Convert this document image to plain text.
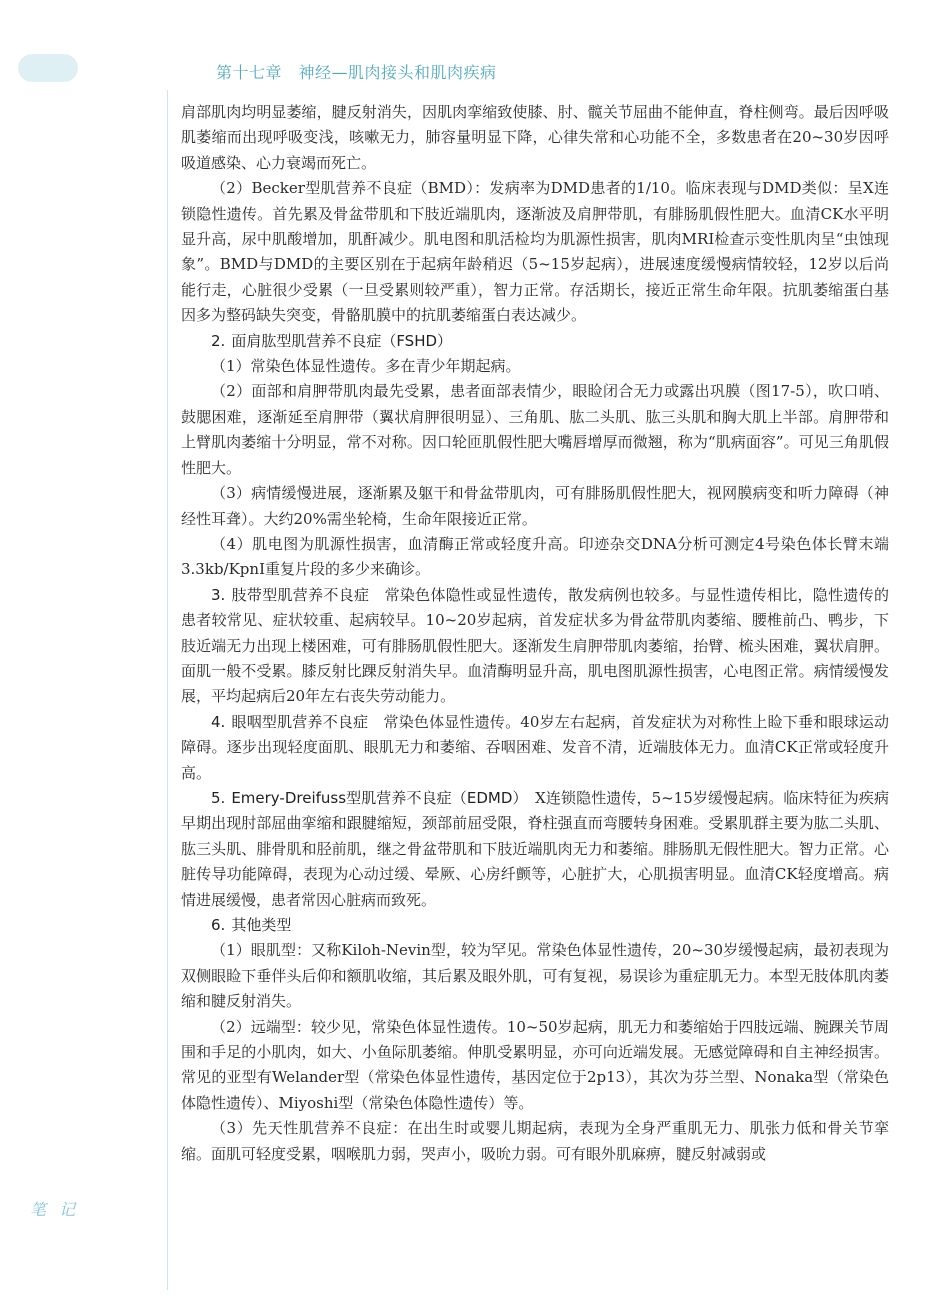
第十七章　神经—肌肉接头和肌肉疾病
笔 记

肩部肌肉均明显萎缩，腱反射消失，因肌肉挛缩致使膝、肘、髋关节屈曲不能伸直，脊柱侧弯。最后因呼吸肌萎缩而出现呼吸变浅，咳嗽无力，肺容量明显下降，心律失常和心功能不全，多数患者在20~30岁因呼吸道感染、心力衰竭而死亡。

（2）Becker型肌营养不良症（BMD）：发病率为DMD患者的1/10。临床表现与DMD类似：呈X连锁隐性遗传。首先累及骨盆带肌和下肢近端肌肉，逐渐波及肩胛带肌，有腓肠肌假性肥大。血清CK水平明显升高，尿中肌酸增加，肌酐减少。肌电图和肌活检均为肌源性损害，肌肉MRI检查示变性肌肉呈“虫蚀现象”。BMD与DMD的主要区别在于起病年龄稍迟（5~15岁起病），进展速度缓慢病情较轻，12岁以后尚能行走，心脏很少受累（一旦受累则较严重），智力正常。存活期长，接近正常生命年限。抗肌萎缩蛋白基因多为整码缺失突变，骨骼肌膜中的抗肌萎缩蛋白表达减少。

2. 面肩肱型肌营养不良症（FSHD）

（1）常染色体显性遗传。多在青少年期起病。

（2）面部和肩胛带肌肉最先受累，患者面部表情少，眼睑闭合无力或露出巩膜（图17-5），吹口哨、鼓腮困难，逐渐延至肩胛带（翼状肩胛很明显）、三角肌、肱二头肌、肱三头肌和胸大肌上半部。肩胛带和上臂肌肉萎缩十分明显，常不对称。因口轮匝肌假性肥大嘴唇增厚而微翘，称为“肌病面容”。可见三角肌假性肥大。

（3）病情缓慢进展，逐渐累及躯干和骨盆带肌肉，可有腓肠肌假性肥大，视网膜病变和听力障碍（神经性耳聋）。大约20%需坐轮椅，生命年限接近正常。

（4）肌电图为肌源性损害，血清酶正常或轻度升高。印迹杂交DNA分析可测定4号染色体长臂末端3.3kb/KpnI重复片段的多少来确诊。

3. 肢带型肌营养不良症　 常染色体隐性或显性遗传，散发病例也较多。与显性遗传相比，隐性遗传的患者较常见、症状较重、起病较早。10~20岁起病，首发症状多为骨盆带肌肉萎缩、腰椎前凸、鸭步，下肢近端无力出现上楼困难，可有腓肠肌假性肥大。逐渐发生肩胛带肌肉萎缩，抬臂、梳头困难，翼状肩胛。面肌一般不受累。膝反射比踝反射消失早。血清酶明显升高，肌电图肌源性损害，心电图正常。病情缓慢发展，平均起病后20年左右丧失劳动能力。

4. 眼咽型肌营养不良症　 常染色体显性遗传。40岁左右起病，首发症状为对称性上睑下垂和眼球运动障碍。逐步出现轻度面肌、眼肌无力和萎缩、吞咽困难、发音不清，近端肢体无力。血清CK正常或轻度升高。

5. Emery-Dreifuss型肌营养不良症（EDMD）　 X连锁隐性遗传，5~15岁缓慢起病。临床特征为疾病早期出现肘部屈曲挛缩和跟腱缩短，颈部前屈受限，脊柱强直而弯腰转身困难。受累肌群主要为肱二头肌、肱三头肌、腓骨肌和胫前肌，继之骨盆带肌和下肢近端肌肉无力和萎缩。腓肠肌无假性肥大。智力正常。心脏传导功能障碍，表现为心动过缓、晕厥、心房纤颤等，心脏扩大，心肌损害明显。血清CK轻度增高。病情进展缓慢，患者常因心脏病而致死。

6. 其他类型

（1）眼肌型：又称Kiloh-Nevin型，较为罕见。常染色体显性遗传，20~30岁缓慢起病，最初表现为双侧眼睑下垂伴头后仰和额肌收缩，其后累及眼外肌，可有复视，易误诊为重症肌无力。本型无肢体肌肉萎缩和腱反射消失。

（2）远端型：较少见，常染色体显性遗传。10~50岁起病，肌无力和萎缩始于四肢远端、腕踝关节周围和手足的小肌肉，如大、小鱼际肌萎缩。伸肌受累明显，亦可向近端发展。无感觉障碍和自主神经损害。常见的亚型有Welander型（常染色体显性遗传，基因定位于2p13），其次为芬兰型、Nonaka型（常染色体隐性遗传）、Miyoshi型（常染色体隐性遗传）等。

（3）先天性肌营养不良症：在出生时或婴儿期起病，表现为全身严重肌无力、肌张力低和骨关节挛缩。面肌可轻度受累，咽喉肌力弱，哭声小，吸吮力弱。可有眼外肌麻痹，腱反射减弱或
